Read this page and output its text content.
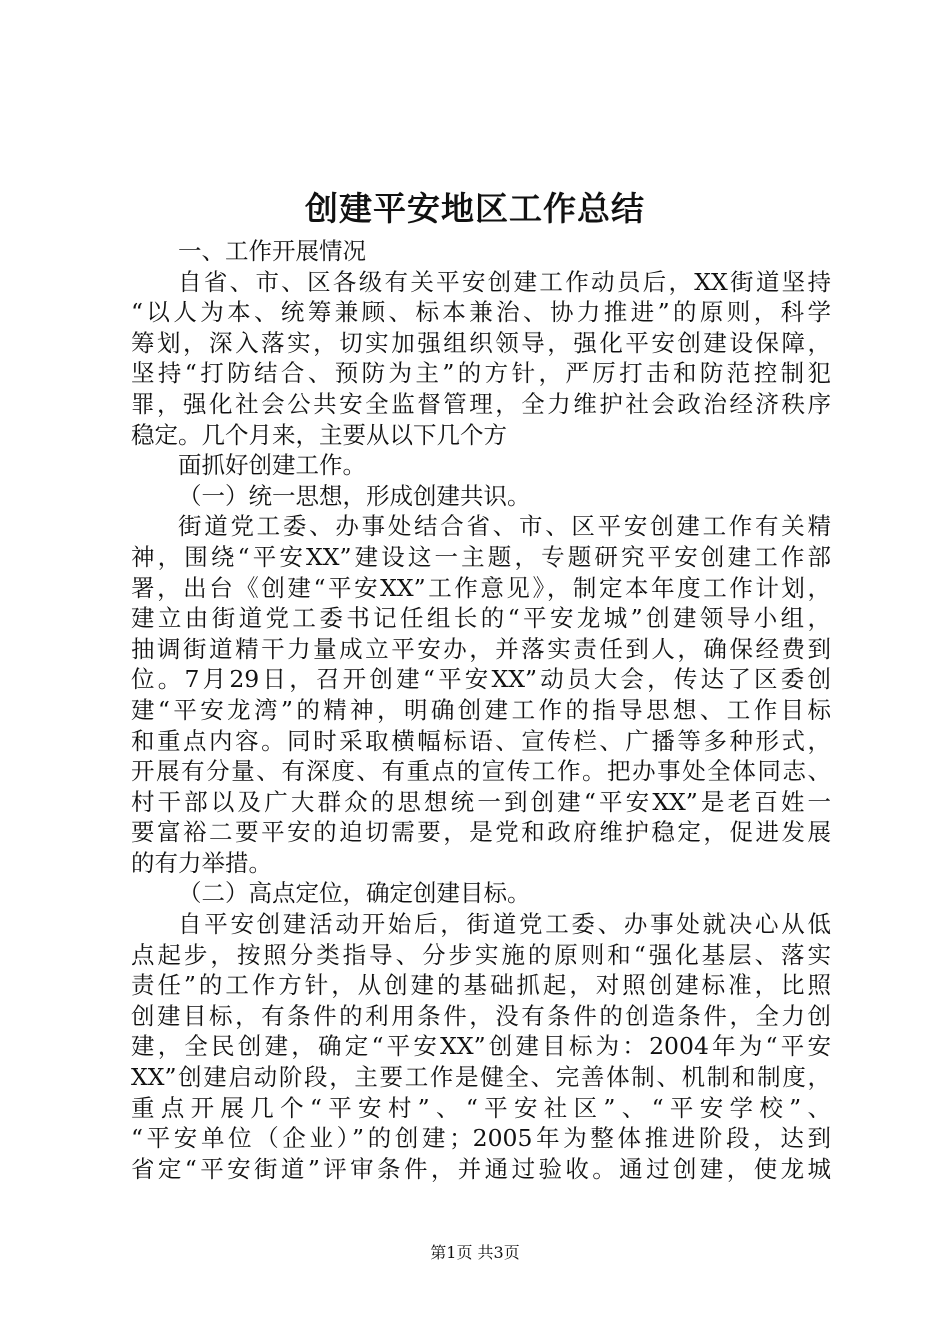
创建平安地区工作总结
一、工作开展情况
自省、市、区各级有关平安创建工作动员后，XX街道坚持
“以人为本、统筹兼顾、标本兼治、协力推进”的原则，科学
筹划，深入落实，切实加强组织领导，强化平安创建设保障，
坚持“打防结合、预防为主”的方针，严厉打击和防范控制犯
罪，强化社会公共安全监督管理，全力维护社会政治经济秩序
稳定。几个月来，主要从以下几个方
面抓好创建工作。
（一）统一思想，形成创建共识。
街道党工委、办事处结合省、市、区平安创建工作有关精
神，围绕“平安XX”建设这一主题，专题研究平安创建工作部
署，出台《创建“平安XX”工作意见》，制定本年度工作计划，
建立由街道党工委书记任组长的“平安龙城”创建领导小组，
抽调街道精干力量成立平安办，并落实责任到人，确保经费到
位。7月29日，召开创建“平安XX”动员大会，传达了区委创
建“平安龙湾”的精神，明确创建工作的指导思想、工作目标
和重点内容。同时采取横幅标语、宣传栏、广播等多种形式，
开展有分量、有深度、有重点的宣传工作。把办事处全体同志、
村干部以及广大群众的思想统一到创建“平安XX”是老百姓一
要富裕二要平安的迫切需要，是党和政府维护稳定，促进发展
的有力举措。
（二）高点定位，确定创建目标。
自平安创建活动开始后，街道党工委、办事处就决心从低
点起步，按照分类指导、分步实施的原则和“强化基层、落实
责任”的工作方针，从创建的基础抓起，对照创建标准，比照
创建目标，有条件的利用条件，没有条件的创造条件，全力创
建，全民创建，确定“平安XX”创建目标为：2004年为“平安
XX”创建启动阶段，主要工作是健全、完善体制、机制和制度，
重点开展几个“平安村”、“平安社区”、“平安学校”、
“平安单位（企业）”的创建；2005年为整体推进阶段，达到
省定“平安街道”评审条件，并通过验收。通过创建，使龙城
第1页 共3页
